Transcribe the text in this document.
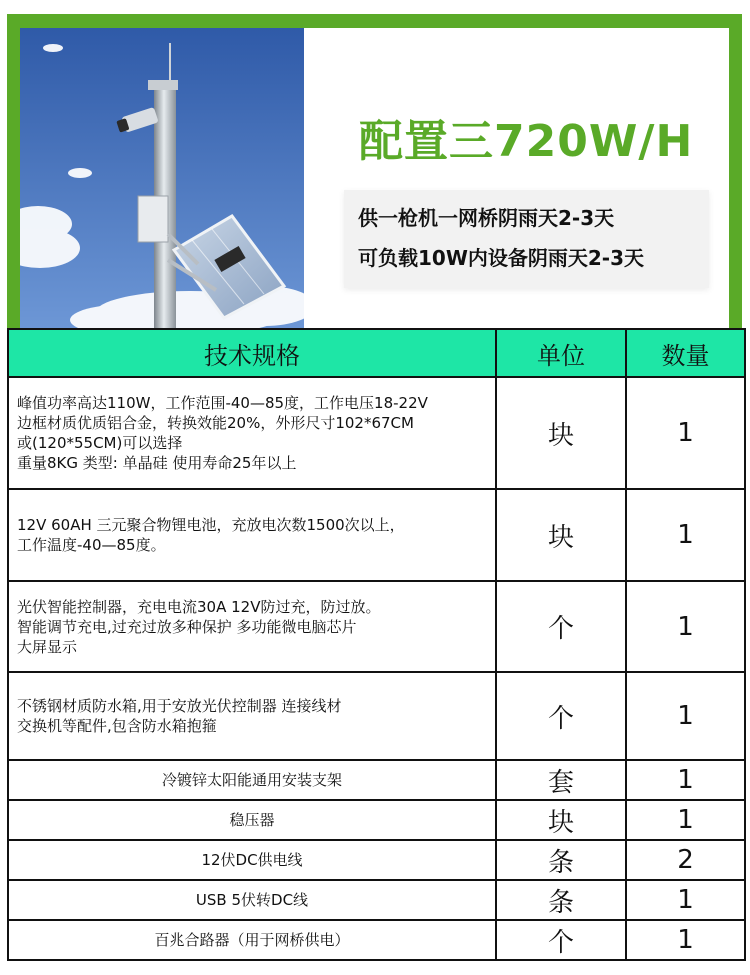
配置三720W/H
供一枪机一网桥阴雨天2-3天
可负载10W内设备阴雨天2-3天
技术规格	单位	数量

峰值功率高达110W，工作范围-40—85度，工作电压18-22V
边框材质优质铝合金，转换效能20%，外形尺寸102*67CM
或(120*55CM)可以选择
重量8KG 类型: 单晶硅 使用寿命25年以上	块	1

12V 60AH 三元聚合物锂电池，充放电次数1500次以上，
工作温度-40—85度。	块	1

光伏智能控制器，充电电流30A 12V防过充，防过放。
智能调节充电,过充过放多种保护 多功能微电脑芯片
大屏显示	个	1

不锈钢材质防水箱,用于安放光伏控制器 连接线材
交换机等配件,包含防水箱抱箍	个	1

冷镀锌太阳能通用安装支架	套	1

稳压器	块	1

12伏DC供电线	条	2

USB 5伏转DC线	条	1

百兆合路器（用于网桥供电）	个	1
